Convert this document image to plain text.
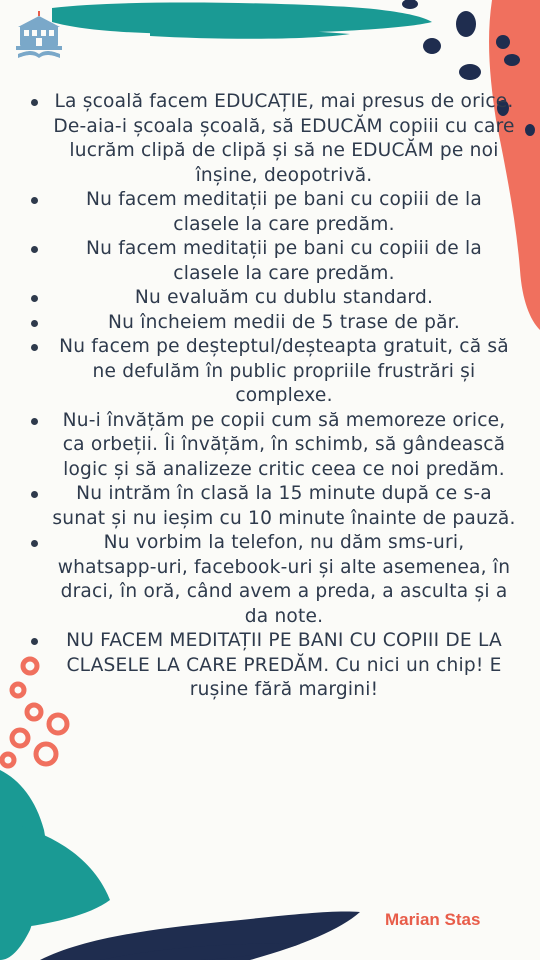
La școală facem EDUCAȚIE, mai presus de orice. De-aia-i școala școală, să EDUCĂM copiii cu care lucrăm clipă de clipă și să ne EDUCĂM pe noi înșine, deopotrivă.
Nu facem meditații pe bani cu copiii de la clasele la care predăm.
Nu facem meditații pe bani cu copiii de la clasele la care predăm.
Nu evaluăm cu dublu standard.
Nu încheiem medii de 5 trase de păr.
Nu facem pe deșteptul/deșteapta gratuit, că să ne defulăm în public propriile frustrări și complexe.
Nu-i învățăm pe copii cum să memoreze orice, ca orbeții. Îi învățăm, în schimb, să gândească logic și să analizeze critic ceea ce noi predăm.
Nu intrăm în clasă la 15 minute după ce s-a sunat și nu ieșim cu 10 minute înainte de pauză.
Nu vorbim la telefon, nu dăm sms-uri, whatsapp-uri, facebook-uri și alte asemenea, în draci, în oră, când avem a preda, a asculta și a da note.
NU FACEM MEDITAȚII PE BANI CU COPIII DE LA CLASELE LA CARE PREDĂM. Cu nici un chip! E rușine fără margini!
Marian Stas
